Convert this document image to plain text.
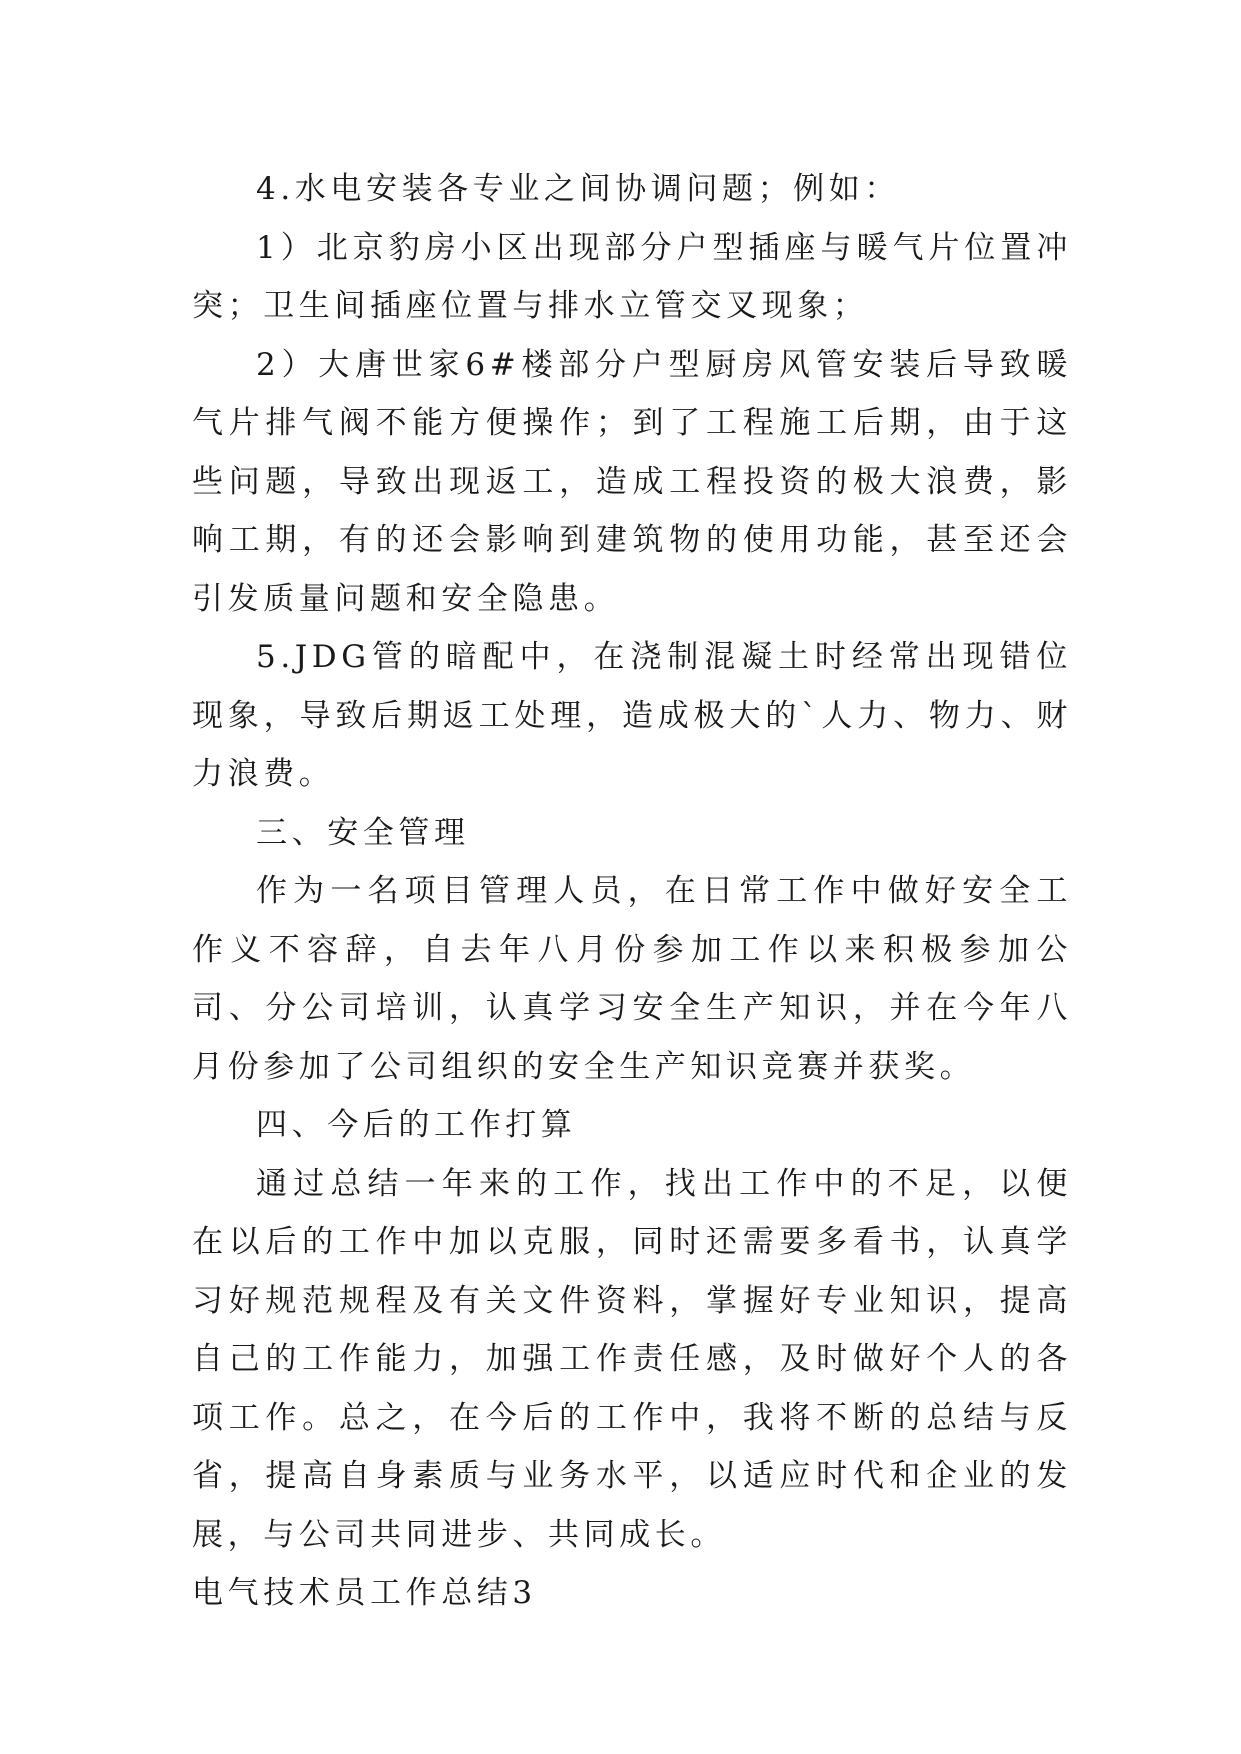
4.水电安装各专业之间协调问题；例如：

1）北京豹房小区出现部分户型插座与暖气片位置冲突；卫生间插座位置与排水立管交叉现象；

2）大唐世家6#楼部分户型厨房风管安装后导致暖气片排气阀不能方便操作；到了工程施工后期，由于这些问题，导致出现返工，造成工程投资的极大浪费，影响工期，有的还会影响到建筑物的使用功能，甚至还会引发质量问题和安全隐患。

5.JDG管的暗配中，在浇制混凝土时经常出现错位现象，导致后期返工处理，造成极大的`人力、物力、财力浪费。

三、安全管理

作为一名项目管理人员，在日常工作中做好安全工作义不容辞，自去年八月份参加工作以来积极参加公司、分公司培训，认真学习安全生产知识，并在今年八月份参加了公司组织的安全生产知识竞赛并获奖。

四、今后的工作打算

通过总结一年来的工作，找出工作中的不足，以便在以后的工作中加以克服，同时还需要多看书，认真学习好规范规程及有关文件资料，掌握好专业知识，提高自己的工作能力，加强工作责任感，及时做好个人的各项工作。总之，在今后的工作中，我将不断的总结与反省，提高自身素质与业务水平，以适应时代和企业的发展，与公司共同进步、共同成长。

电气技术员工作总结3
